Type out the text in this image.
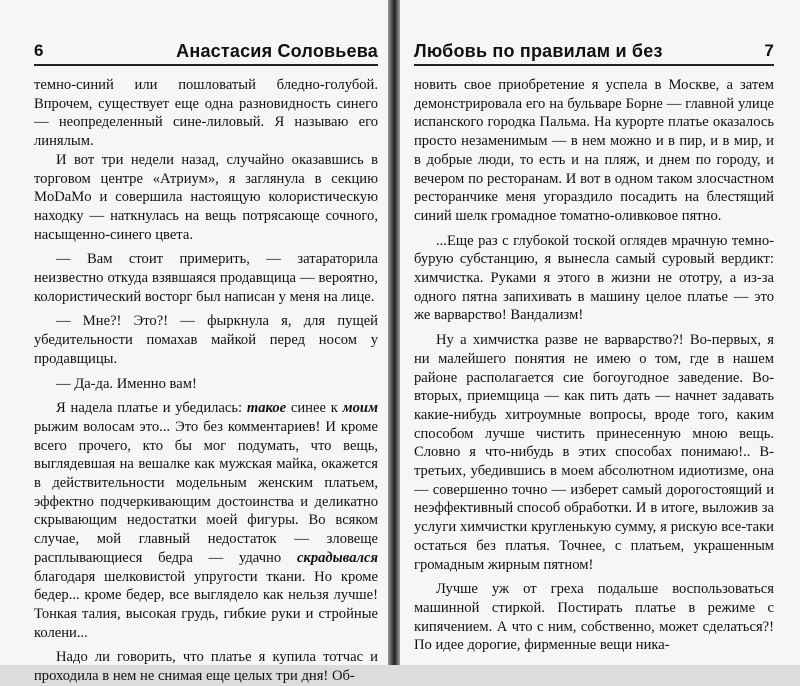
6	Анастасия Соловьева

темно-синий или пошловатый бледно-голубой. Впрочем, существует еще одна разновидность синего — неопределенный сине-лиловый. Я называю его линялым.

И вот три недели назад, случайно оказавшись в торговом центре «Атриум», я заглянула в секцию MoDaMo и совершила настоящую колористическую находку — наткнулась на вещь потрясающе сочного, насыщенно-синего цвета.

— Вам стоит примерить, — затараторила неизвестно откуда взявшаяся продавщица — вероятно, колористический восторг был написан у меня на лице.

— Мне?! Это?! — фыркнула я, для пущей убедительности помахав майкой перед носом у продавщицы.

— Да-да. Именно вам!

Я надела платье и убедилась: такое синее к моим рыжим волосам это... Это без комментариев! И кроме всего прочего, кто бы мог подумать, что вещь, выглядевшая на вешалке как мужская майка, окажется в действительности модельным женским платьем, эффектно подчеркивающим достоинства и деликатно скрывающим недостатки моей фигуры. Во всяком случае, мой главный недостаток — зловеще расплывающиеся бедра — удачно скрадывался благодаря шелковистой упругости ткани. Но кроме бедер... кроме бедер, все выглядело как нельзя лучше! Тонкая талия, высокая грудь, гибкие руки и стройные колени...

Надо ли говорить, что платье я купила тотчас и проходила в нем не снимая еще целых три дня! Об-

Любовь по правилам и без	7

новить свое приобретение я успела в Москве, а затем демонстрировала его на бульваре Борне — главной улице испанского городка Пальма. На курорте платье оказалось просто незаменимым — в нем можно и в пир, и в мир, и в добрые люди, то есть и на пляж, и днем по городу, и вечером по ресторанам. И вот в одном таком злосчастном ресторанчике меня угораздило посадить на блестящий синий шелк громадное томатно-оливковое пятно.

...Еще раз с глубокой тоской оглядев мрачную темно-бурую субстанцию, я вынесла самый суровый вердикт: химчистка. Руками я этого в жизни не ототру, а из-за одного пятна запихивать в машину целое платье — это же варварство! Вандализм!

Ну а химчистка разве не варварство?! Во-первых, я ни малейшего понятия не имею о том, где в нашем районе располагается сие богоугодное заведение. Во-вторых, приемщица — как пить дать — начнет задавать какие-нибудь хитроумные вопросы, вроде того, каким способом лучше чистить принесенную мною вещь. Словно я что-нибудь в этих способах понимаю!.. В-третьих, убедившись в моем абсолютном идиотизме, она — совершенно точно — изберет самый дорогостоящий и неэффективный способ обработки. И в итоге, выложив за услуги химчистки кругленькую сумму, я рискую все-таки остаться без платья. Точнее, с платьем, украшенным громадным жирным пятном!

Лучше уж от греха подальше воспользоваться машинной стиркой. Постирать платье в режиме с кипячением. А что с ним, собственно, может сделаться?! По идее дорогие, фирменные вещи ника-
